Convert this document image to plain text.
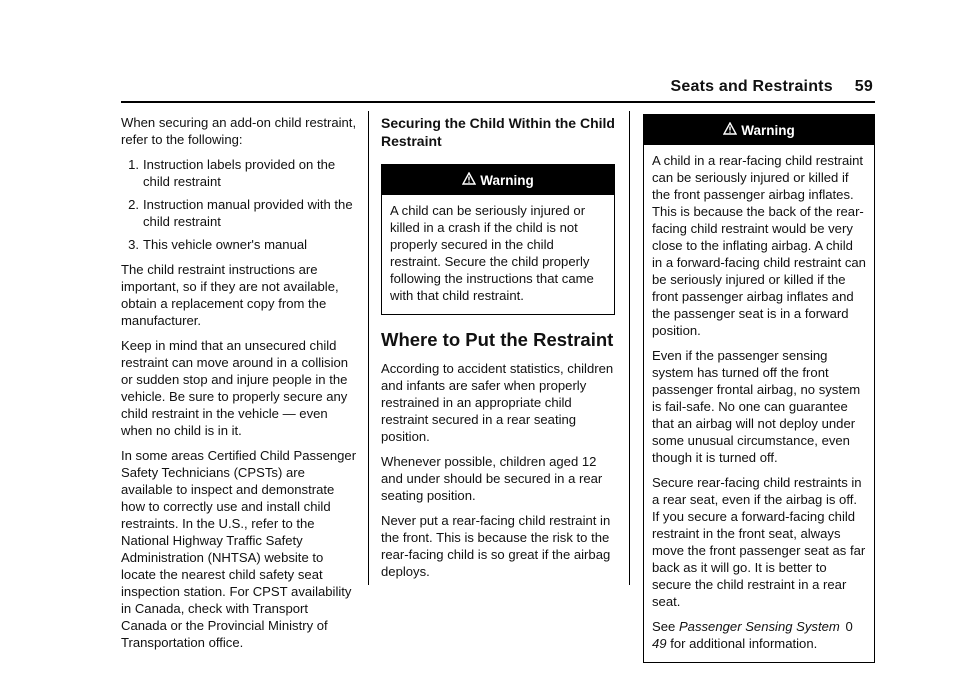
Seats and Restraints 59

When securing an add-on child restraint, refer to the following:

1. Instruction labels provided on the child restraint
2. Instruction manual provided with the child restraint
3. This vehicle owner's manual

The child restraint instructions are important, so if they are not available, obtain a replacement copy from the manufacturer.

Keep in mind that an unsecured child restraint can move around in a collision or sudden stop and injure people in the vehicle. Be sure to properly secure any child restraint in the vehicle — even when no child is in it.

In some areas Certified Child Passenger Safety Technicians (CPSTs) are available to inspect and demonstrate how to correctly use and install child restraints. In the U.S., refer to the National Highway Traffic Safety Administration (NHTSA) website to locate the nearest child safety seat inspection station. For CPST availability in Canada, check with Transport Canada or the Provincial Ministry of Transportation office.

Securing the Child Within the Child Restraint
Warning

A child can be seriously injured or killed in a crash if the child is not properly secured in the child restraint. Secure the child properly following the instructions that came with that child restraint.

Where to Put the Restraint

According to accident statistics, children and infants are safer when properly restrained in an appropriate child restraint secured in a rear seating position.

Whenever possible, children aged 12 and under should be secured in a rear seating position.

Never put a rear-facing child restraint in the front. This is because the risk to the rear-facing child is so great if the airbag deploys.

Warning

A child in a rear-facing child restraint can be seriously injured or killed if the front passenger airbag inflates. This is because the back of the rear-facing child restraint would be very close to the inflating airbag. A child in a forward-facing child restraint can be seriously injured or killed if the front passenger airbag inflates and the passenger seat is in a forward position.

Even if the passenger sensing system has turned off the front passenger frontal airbag, no system is fail-safe. No one can guarantee that an airbag will not deploy under some unusual circumstance, even though it is turned off.

Secure rear-facing child restraints in a rear seat, even if the airbag is off. If you secure a forward-facing child restraint in the front seat, always move the front passenger seat as far back as it will go. It is better to secure the child restraint in a rear seat.

See Passenger Sensing System 049 for additional information.
